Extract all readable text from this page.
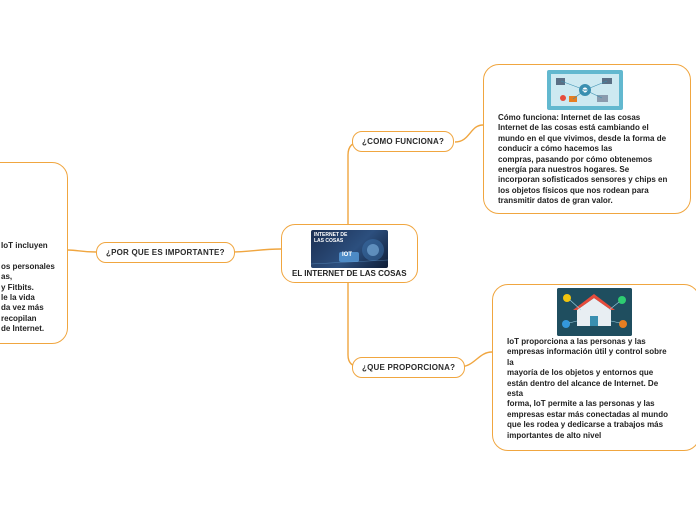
INTERNET DE
LAS COSAS
IOT
EL INTERNET DE LAS COSAS
¿POR QUE ES IMPORTANTE?
IoT incluyen

os personales
as,
y Fitbits.
le la vida
da vez más
recopilan
de Internet.
¿COMO FUNCIONA?
Cómo funciona: Internet de las cosas
Internet de las cosas está cambiando el
mundo en el que vivimos, desde la forma de
conducir a cómo hacemos las
compras, pasando por cómo obtenemos
energía para nuestros hogares. Se
incorporan sofisticados sensores y chips en
los objetos físicos que nos rodean para
transmitir datos de gran valor.
¿QUE PROPORCIONA?
IoT proporciona a las personas y las
empresas información útil y control sobre
la
mayoría de los objetos y entornos que
están dentro del alcance de Internet. De
esta
forma, IoT permite a las personas y las
empresas estar más conectadas al mundo
que les rodea y dedicarse a trabajos más
importantes de alto nivel
